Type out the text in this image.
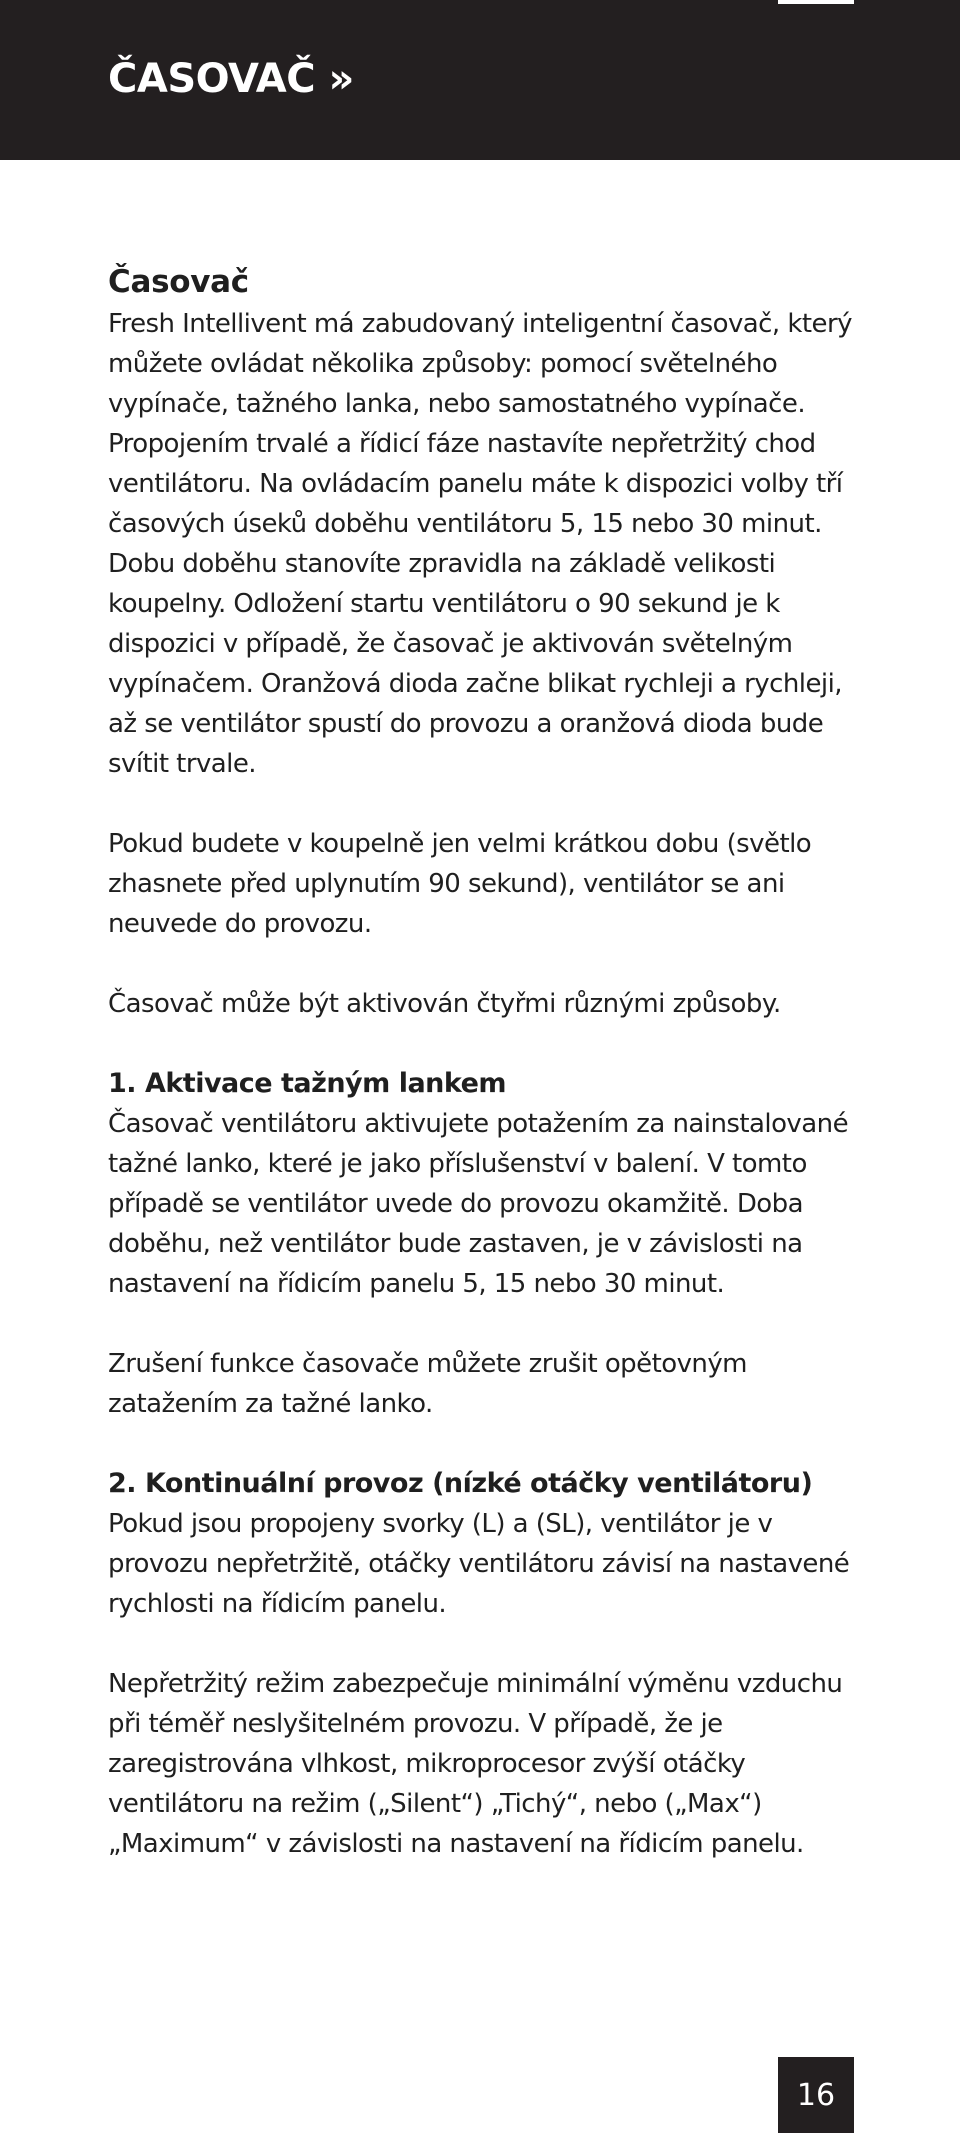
ČASOVAČ »
Časovač

Fresh Intellivent má zabudovaný inteligentní časovač, který můžete ovládat několika způsoby: pomocí světelného vypínače, tažného lanka, nebo samostatného vypínače. Propojením trvalé a řídicí fáze nastavíte nepřetržitý chod ventilátoru. Na ovládacím panelu máte k dispozici volby tří časových úseků doběhu ventilátoru 5, 15 nebo 30 minut. Dobu doběhu stanovíte zpravidla na základě velikosti koupelny. Odložení startu ventilátoru o 90 sekund je k dispozici v případě, že časovač je aktivován světelným vypínačem. Oranžová dioda začne blikat rychleji a rychleji, až se ventilátor spustí do provozu a oranžová dioda bude svítit trvale.

Pokud budete v koupelně jen velmi krátkou dobu (světlo zhasnete před uplynutím 90 sekund), ventilátor se ani neuvede do provozu.

Časovač může být aktivován čtyřmi různými způsoby.

1. Aktivace tažným lankem

Časovač ventilátoru aktivujete potažením za nainstalované tažné lanko, které je jako příslušenství v balení. V tomto případě se ventilátor uvede do provozu okamžitě. Doba doběhu, než ventilátor bude zastaven, je v závislosti na nastavení na řídicím panelu 5, 15 nebo 30 minut.

Zrušení funkce časovače můžete zrušit opětovným zatažením za tažné lanko.

2. Kontinuální provoz (nízké otáčky ventilátoru)

Pokud jsou propojeny svorky (L) a (SL), ventilátor je v provozu nepřetržitě, otáčky ventilátoru závisí na nastavené rychlosti na řídicím panelu.

Nepřetržitý režim zabezpečuje minimální výměnu vzduchu při téměř neslyšitelném provozu. V případě, že je zaregistrována vlhkost, mikroprocesor zvýší otáčky ventilátoru na režim („Silent“) „Tichý“, nebo („Max“) „Maximum“ v závislosti na nastavení na řídicím panelu.

16
